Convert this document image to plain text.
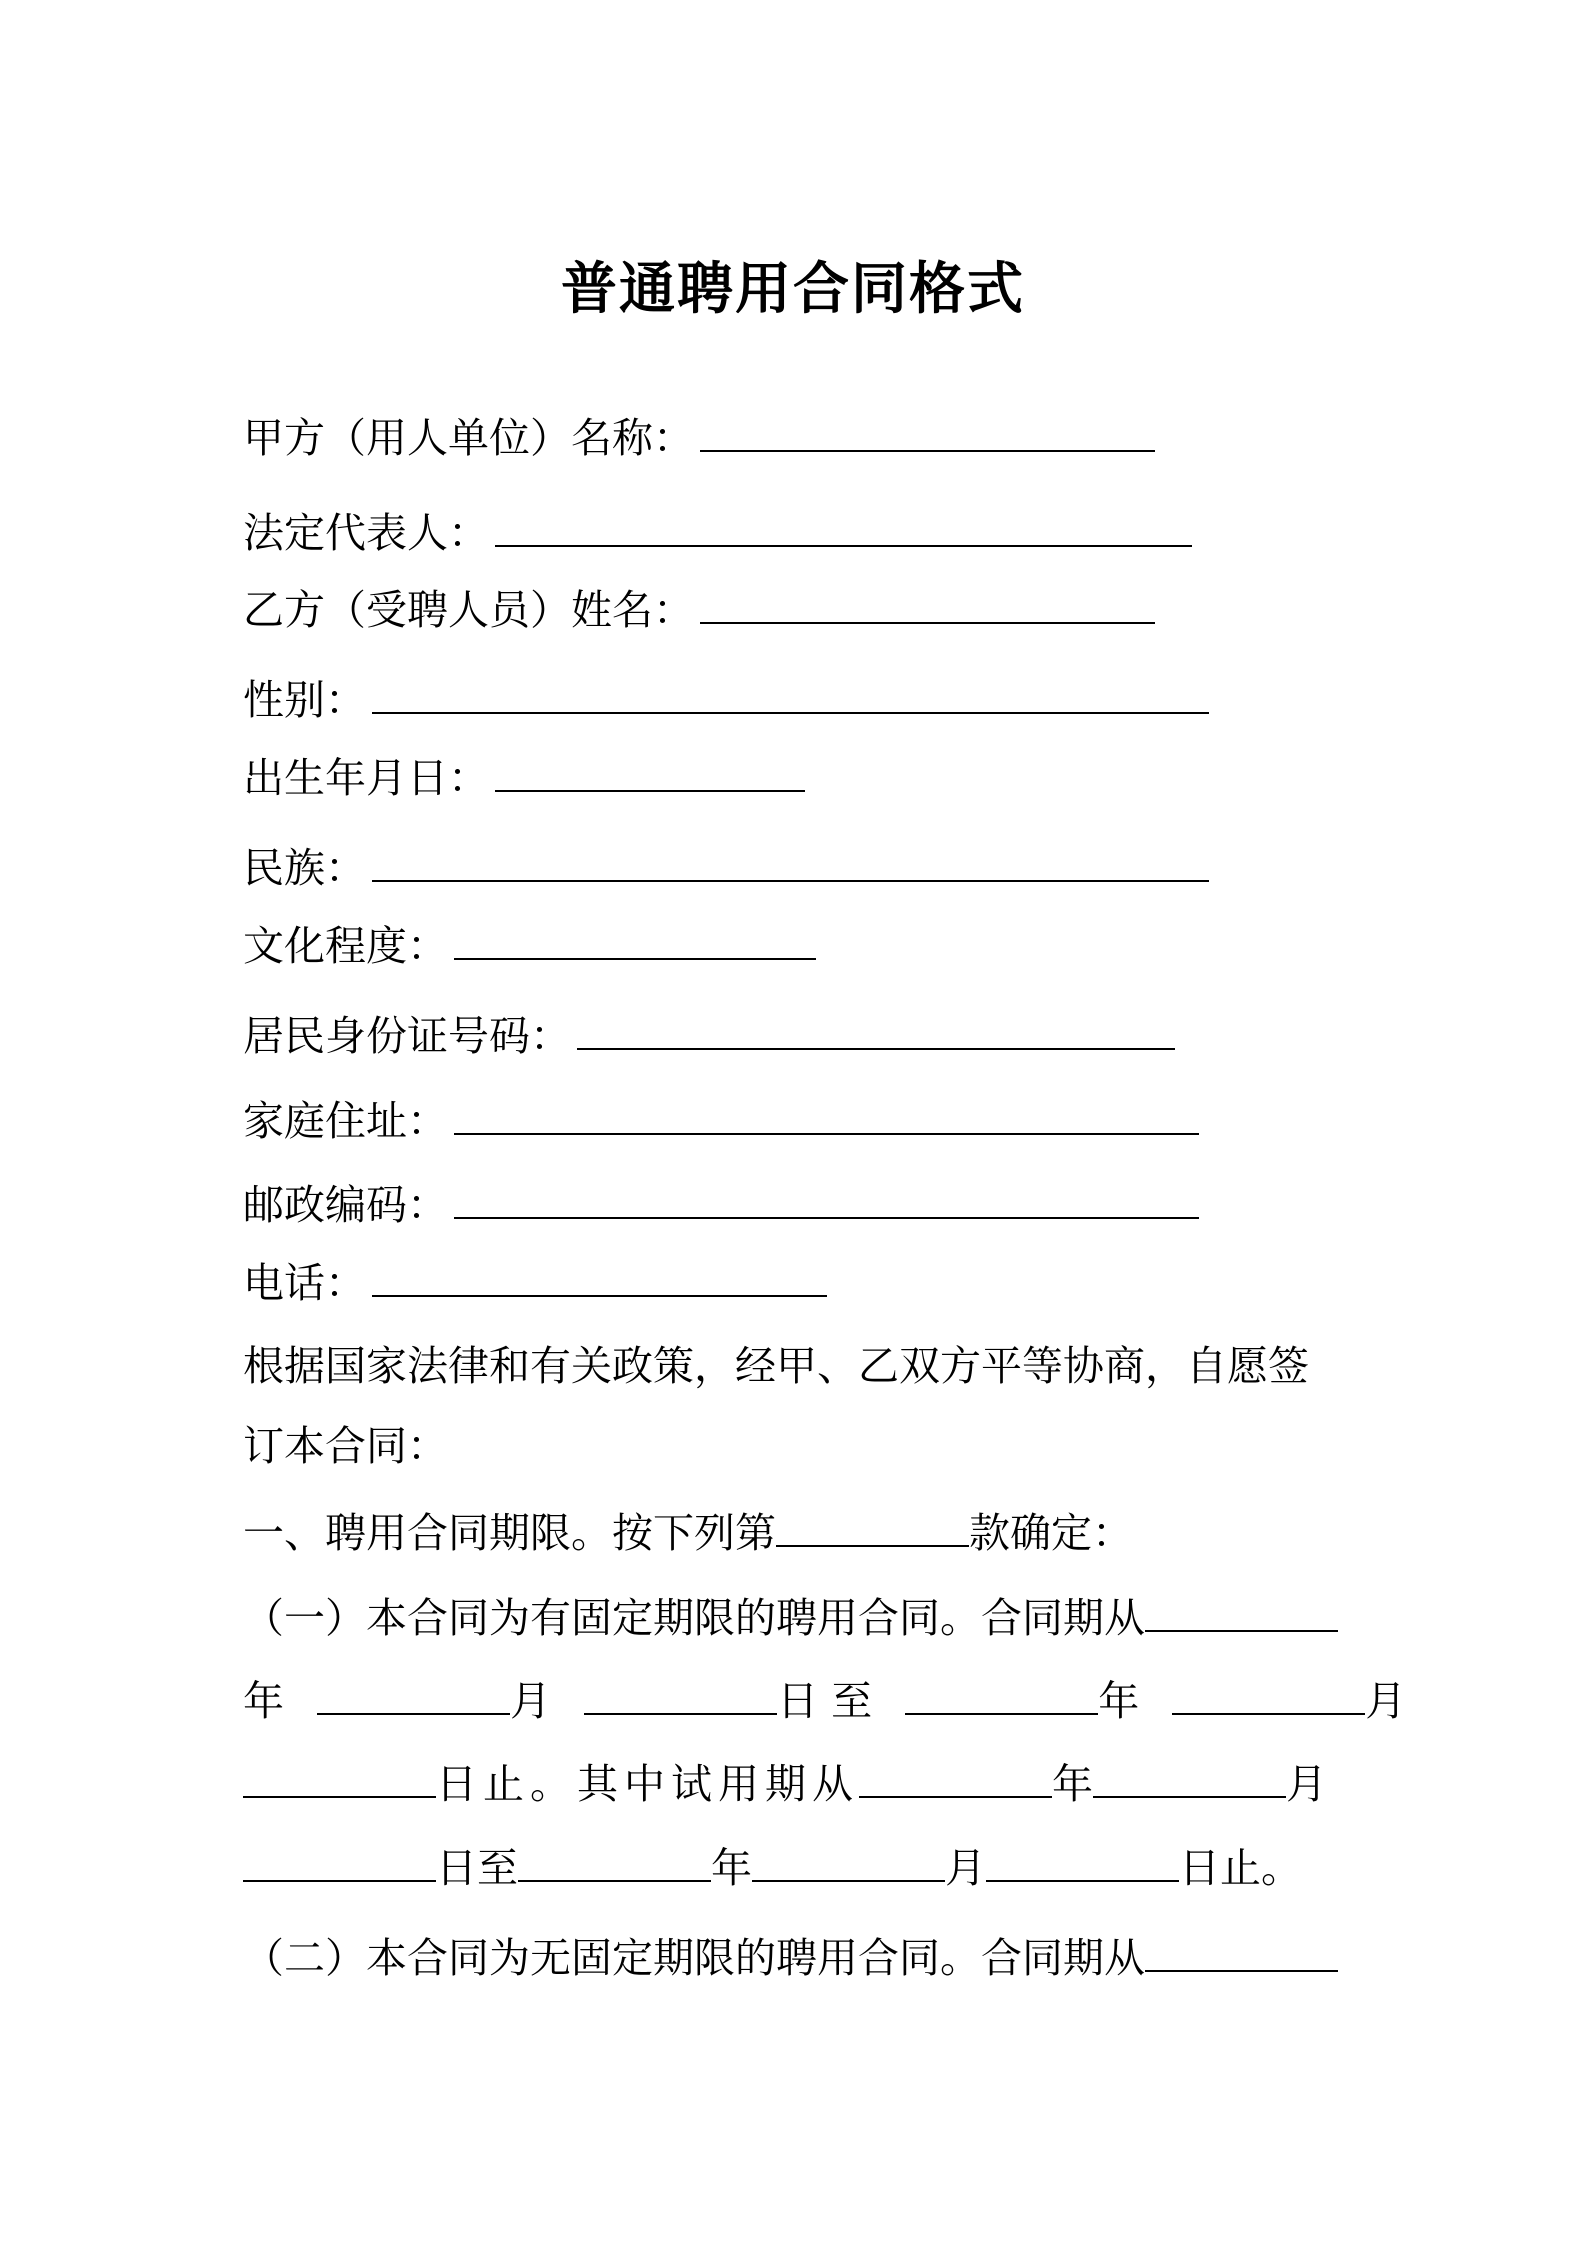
普通聘用合同格式
甲方（用人单位）名称：
法定代表人：
乙方（受聘人员）姓名：
性别：
出生年月日：
民族：
文化程度：
居民身份证号码：
家庭住址：
邮政编码：
电话：
根据国家法律和有关政策，经甲、乙双方平等协商，自愿签
订本合同：
一、聘用合同期限。按下列第	款确定：
（一）本合同为有固定期限的聘用合同。合同期从
年	月	日 至	年	月
日止。其中试用期从	年	月
日至	年	月	日止。
（二）本合同为无固定期限的聘用合同。合同期从
